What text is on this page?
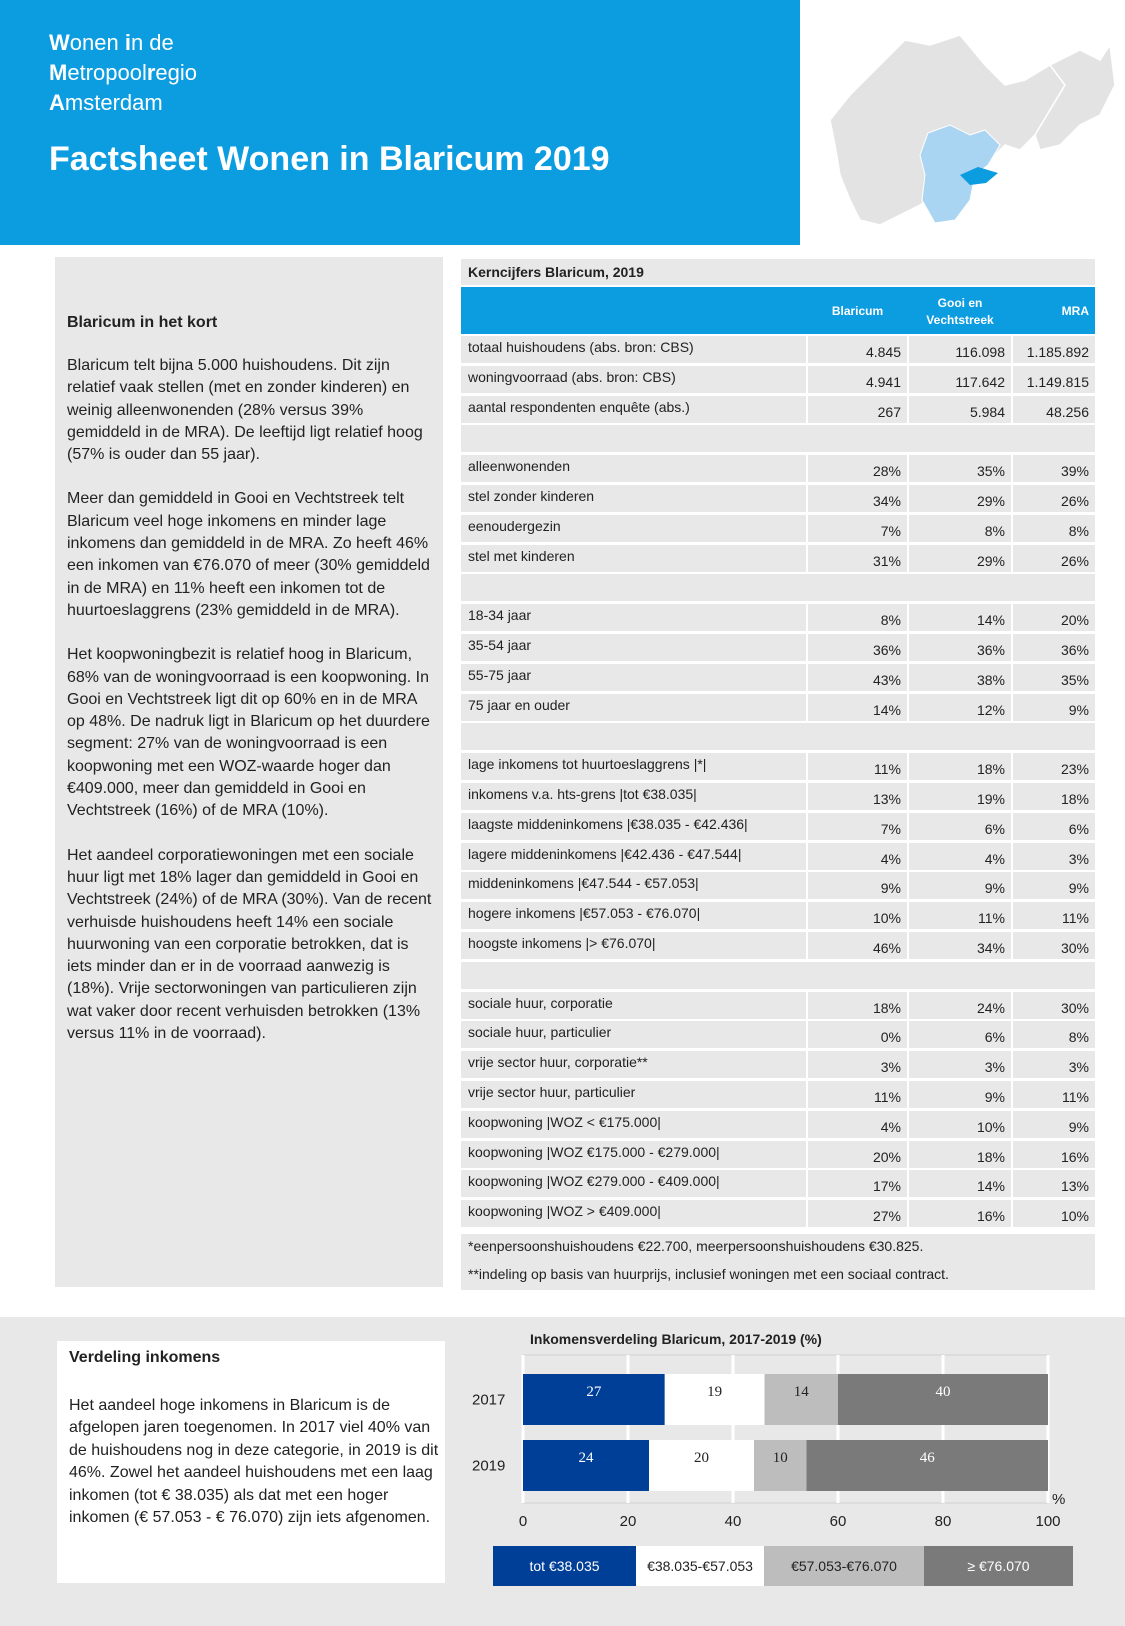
Wonen in de
Metropoolregio
Amsterdam
Factsheet Wonen in Blaricum 2019
Blaricum in het kort

Blaricum telt bijna 5.000 huishoudens. Dit zijn relatief vaak stellen (met en zonder kinderen) en weinig alleenwonenden (28% versus 39% gemiddeld in de MRA). De leeftijd ligt relatief hoog (57% is ouder dan 55 jaar).

Meer dan gemiddeld in Gooi en Vechtstreek telt Blaricum veel hoge inkomens en minder lage inkomens dan gemiddeld in de MRA. Zo heeft 46% een inkomen van €76.070 of meer (30% gemiddeld in de MRA) en 11% heeft een inkomen tot de huurtoeslaggrens (23% gemiddeld in de MRA).

Het koopwoningbezit is relatief hoog in Blaricum, 68% van de woningvoorraad is een koopwoning. In Gooi en Vechtstreek ligt dit op 60% en in de MRA op 48%. De nadruk ligt in Blaricum op het duurdere segment: 27% van de woningvoorraad is een koopwoning met een WOZ-waarde hoger dan €409.000, meer dan gemiddeld in Gooi en Vechtstreek (16%) of de MRA (10%).

Het aandeel corporatiewoningen met een sociale huur ligt met 18% lager dan gemiddeld in Gooi en Vechtstreek (24%) of de MRA (30%). Van de recent verhuisde huishoudens heeft 14% een sociale huurwoning van een corporatie betrokken, dat is iets minder dan er in de voorraad aanwezig is (18%). Vrije sectorwoningen van particulieren zijn wat vaker door recent verhuisden betrokken (13% versus 11% in de voorraad).

Kerncijfers Blaricum, 2019
Blaricum
Gooi en
Vechtstreek
MRA
totaal huishoudens (abs. bron: CBS)	4.845	116.098	1.185.892
woningvoorraad (abs. bron: CBS)	4.941	117.642	1.149.815
aantal respondenten enquête (abs.)	267	5.984	48.256
alleenwonenden	28%	35%	39%
stel zonder kinderen	34%	29%	26%
eenoudergezin	7%	8%	8%
stel met kinderen	31%	29%	26%
18-34 jaar	8%	14%	20%
35-54 jaar	36%	36%	36%
55-75 jaar	43%	38%	35%
75 jaar en ouder	14%	12%	9%
lage inkomens tot huurtoeslaggrens |*|	11%	18%	23%
inkomens v.a. hts-grens |tot €38.035|	13%	19%	18%
laagste middeninkomens |€38.035 - €42.436|	7%	6%	6%
lagere middeninkomens |€42.436 - €47.544|	4%	4%	3%
middeninkomens |€47.544 - €57.053|	9%	9%	9%
hogere inkomens |€57.053 - €76.070|	10%	11%	11%
hoogste inkomens |> €76.070|	46%	34%	30%
sociale huur, corporatie	18%	24%	30%
sociale huur, particulier	0%	6%	8%
vrije sector huur, corporatie**	3%	3%	3%
vrije sector huur, particulier	11%	9%	11%
koopwoning |WOZ < €175.000|	4%	10%	9%
koopwoning |WOZ €175.000 - €279.000|	20%	18%	16%
koopwoning |WOZ €279.000 - €409.000|	17%	14%	13%
koopwoning |WOZ > €409.000|	27%	16%	10%
*eenpersoonshuishoudens €22.700, meerpersoonshuishoudens €30.825.
**indeling op basis van huurprijs, inclusief woningen met een sociaal contract.
Verdeling inkomens
Het aandeel hoge inkomens in Blaricum is de afgelopen jaren toegenomen. In 2017 viel 40% van de huishoudens nog in deze categorie, in 2019 is dit 46%. Zowel het aandeel huishoudens met een laag inkomen (tot € 38.035) als dat met een hoger inkomen (€ 57.053 - € 76.070) zijn iets afgenomen.
Inkomensverdeling Blaricum, 2017-2019 (%)
0	20	40	60	80	100
%
2017	27	19	14	40
2019	24	20	10	46
tot €38.035	€38.035-€57.053	€57.053-€76.070	≥ €76.070
